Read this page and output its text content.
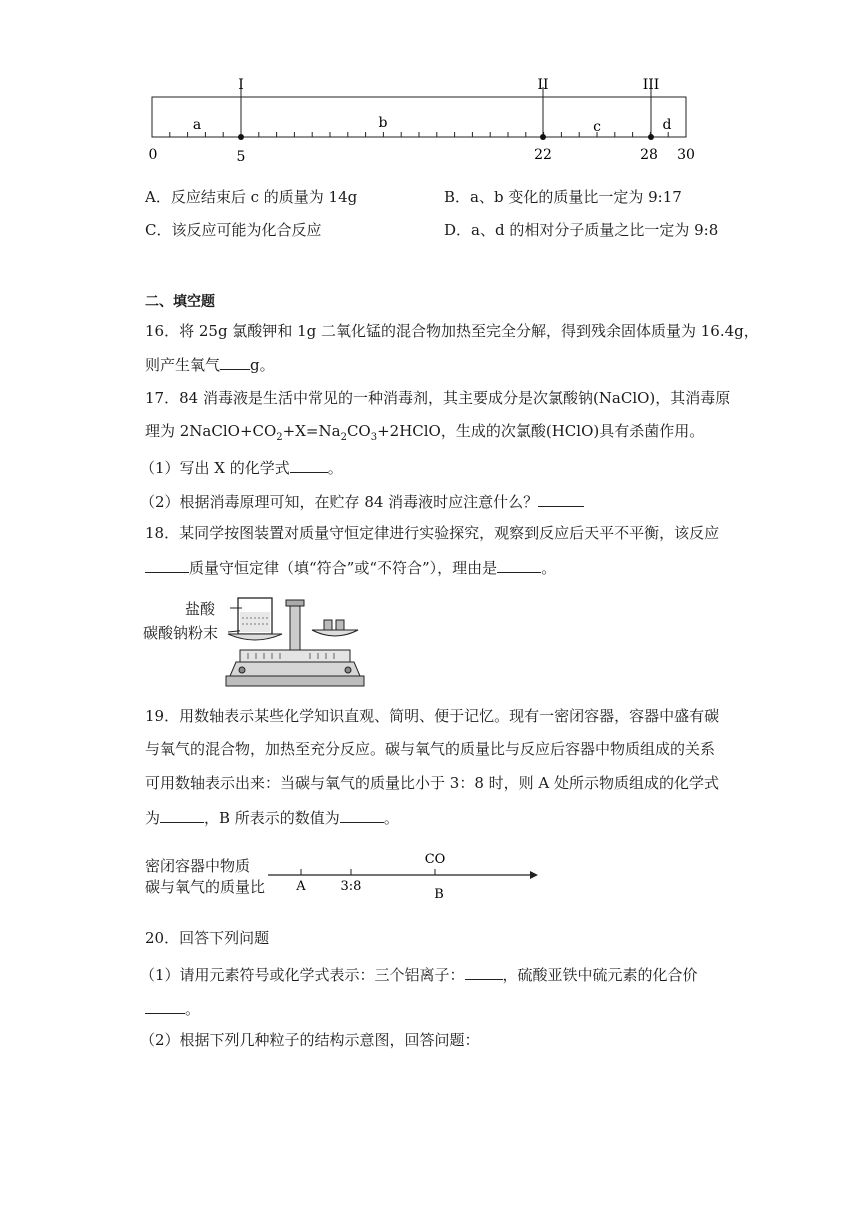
I	II	III
a	b	c	d
0	5	22	28 30
A．反应结束后 c 的质量为 14g	B．a、b 变化的质量比一定为 9:17
C．该反应可能为化合反应	D．a、d 的相对分子质量之比一定为 9:8
二、填空题
16．将 25g 氯酸钾和 1g 二氧化锰的混合物加热至完全分解，得到残余固体质量为 16.4g，
则产生氧气 g。
17．84 消毒液是生活中常见的一种消毒剂，其主要成分是次氯酸钠(NaClO)，其消毒原
理为 $2NaClO+CO_2+X=Na_2CO_3+2HClO$，生成的次氯酸(HClO)具有杀菌作用。
（1）写出 X 的化学式	。
（2）根据消毒原理可知，在贮存 84 消毒液时应注意什么？
18．某同学按图装置对质量守恒定律进行实验探究，观察到反应后天平不平衡，该反应
质量守恒定律（填“符合”或“不符合”），理由是	。
盐酸
碳酸钠粉末
19．用数轴表示某些化学知识直观、简明、便于记忆。现有一密闭容器，容器中盛有碳
与氧气的混合物，加热至充分反应。碳与氧气的质量比与反应后容器中物质组成的关系
可用数轴表示出来：当碳与氧气的质量比小于 3：8 时，则 A 处所示物质组成的化学式
为	，B 所表示的数值为	。
密闭容器中物质
碳与氧气的质量比 A	3:8
CO
B
20．回答下列问题
（1）请用元素符号或化学式表示：三个铝离子：	，硫酸亚铁中硫元素的化合价
。
（2）根据下列几种粒子的结构示意图，回答问题：
